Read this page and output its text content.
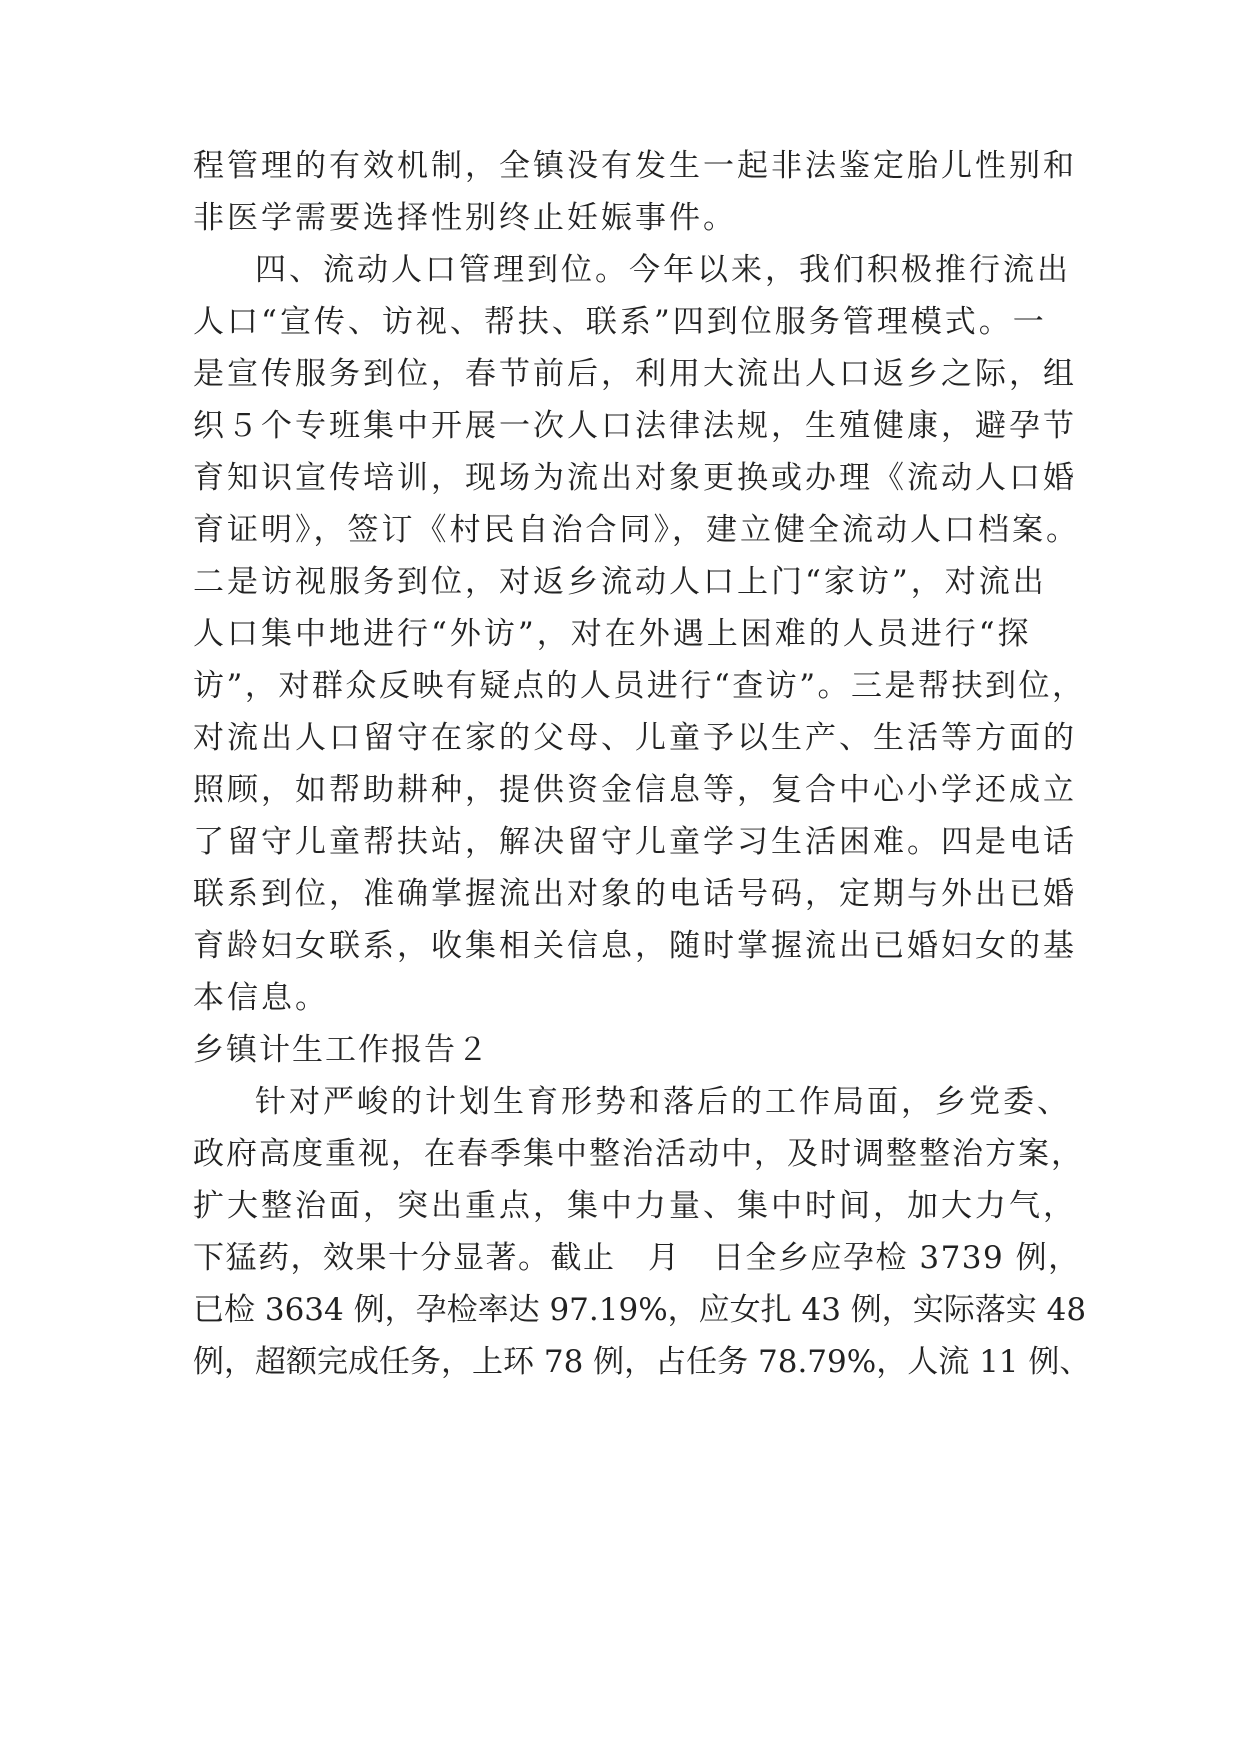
程管理的有效机制，全镇没有发生一起非法鉴定胎儿性别和

非医学需要选择性别终止妊娠事件。

四、流动人口管理到位。今年以来，我们积极推行流出

人口“宣传、访视、帮扶、联系”四到位服务管理模式。一

是宣传服务到位，春节前后，利用大流出人口返乡之际，组

织５个专班集中开展一次人口法律法规，生殖健康，避孕节

育知识宣传培训，现场为流出对象更换或办理《流动人口婚

育证明》，签订《村民自治合同》，建立健全流动人口档案。

二是访视服务到位，对返乡流动人口上门“家访”，对流出

人口集中地进行“外访”，对在外遇上困难的人员进行“探

访”，对群众反映有疑点的人员进行“查访”。三是帮扶到位，

对流出人口留守在家的父母、儿童予以生产、生活等方面的

照顾，如帮助耕种，提供资金信息等，复合中心小学还成立

了留守儿童帮扶站，解决留守儿童学习生活困难。四是电话

联系到位，准确掌握流出对象的电话号码，定期与外出已婚

育龄妇女联系，收集相关信息，随时掌握流出已婚妇女的基

本信息。

乡镇计生工作报告２

针对严峻的计划生育形势和落后的工作局面，乡党委、

政府高度重视，在春季集中整治活动中，及时调整整治方案，

扩大整治面，突出重点，集中力量、集中时间，加大力气，

下猛药，效果十分显著。截止　月　日全乡应孕检 3739 例，

已检 3634 例，孕检率达 97.19%，应女扎 43 例，实际落实 48

例，超额完成任务，上环 78 例，占任务 78.79%，人流 11 例、
